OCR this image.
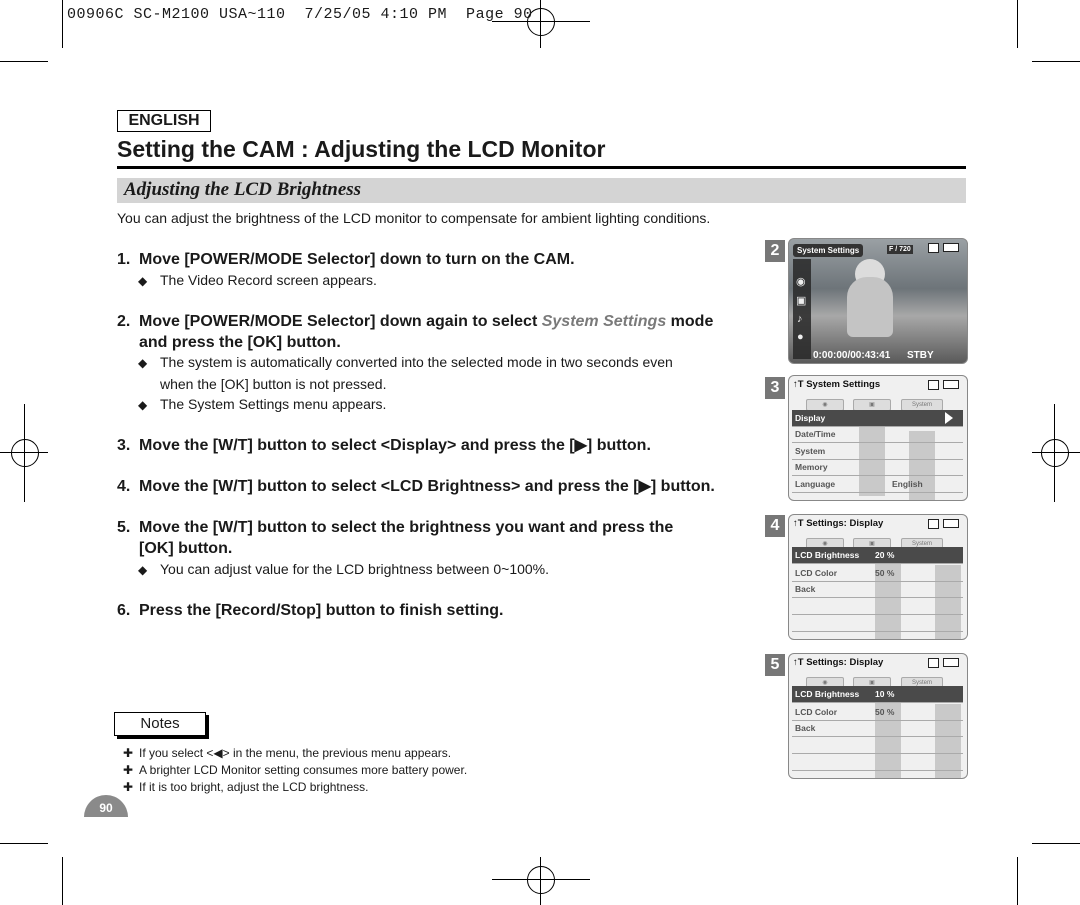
00906C SC-M2100 USA~110  7/25/05 4:10 PM  Page 90
ENGLISH
Setting the CAM : Adjusting the LCD Monitor
Adjusting the LCD Brightness
You can adjust the brightness of the LCD monitor to compensate for ambient lighting conditions.
1. Move [POWER/MODE Selector] down to turn on the CAM.
◆ The Video Record screen appears.
2. Move [POWER/MODE Selector] down again to select System Settings mode
and press the [OK] button.
◆ The system is automatically converted into the selected mode in two seconds even
when the [OK] button is not pressed.
◆ The System Settings menu appears.
3. Move the [W/T] button to select <Display> and press the [▶] button.
4. Move the [W/T] button to select <LCD Brightness> and press the [▶] button.
5. Move the [W/T] button to select the brightness you want and press the
[OK] button.
◆ You can adjust value for the LCD brightness between 0~100%.
6. Press the [Record/Stop] button to finish setting.
Notes
✚ If you select <◀> in the menu, the previous menu appears.
✚ A brighter LCD Monitor setting consumes more battery power.
✚ If it is too bright, adjust the LCD brightness.
90
2	System Settings	F / 720
◉
▣
♪
●
0:00:00/00:43:41 STBY
3	↑T System Settings
◉	▣	System
Display
Date/Time
System
Memory
Language	English
4	↑T Settings: Display
◉	▣	System
LCD Brightness 20 %
LCD Color	50 %
Back
5	↑T Settings: Display
◉	▣	System
LCD Brightness 10 %
LCD Color	50 %
Back
